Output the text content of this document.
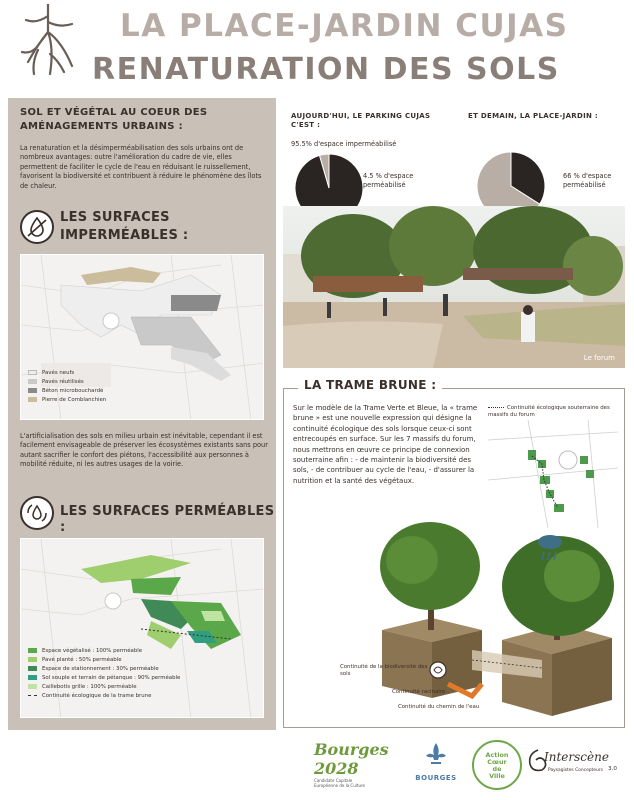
LA PLACE-JARDIN CUJAS
RENATURATION DES SOLS
SOL ET VÉGÉTAL AU COEUR DES AMÉNAGEMENTS URBAINS :
La renaturation et la désimperméabilisation des sols urbains ont de nombreux avantages: outre l'amélioration du cadre de vie, elles permettent de faciliter le cycle de l'eau en réduisant le ruissellement, favorisent la biodiversité et contribuent à réduire le phénomène des îlots de chaleur.
LES SURFACES
IMPERMÉABLES :
Pavés neufs
Pavés réutilisés
Béton microbouchardé
Pierre de Comblanchien
L'artificialisation des sols en milieu urbain est inévitable, cependant il est facilement envisageable de préserver les écosystèmes existants sans pour autant sacrifier le confort des piétons, l'accessibilité aux personnes à mobilité réduite, ni les autres usages de la voirie.
LES SURFACES PERMÉABLES :
Espace végétalisé : 100% perméable
Pavé planté : 50% perméable
Espace de stationnement : 30% perméable
Sol souple et terrain de pétanque : 90% perméable
Caillebotis grille : 100% perméable
Continuité écologique de la trame brune
AUJOURD'HUI, LE PARKING CUJAS C'EST :
95.5% d'espace imperméabilisé
4.5 % d'espace perméabilisé
ET DEMAIN, LA PLACE-JARDIN :
66 % d'espace perméabilisé
Le forum
LA TRAME BRUNE :
Sur le modèle de la Trame Verte et Bleue, la « trame brune » est une nouvelle expression qui désigne la continuité écologique des sols lorsque ceux-ci sont entrecoupés en surface. Sur les 7 massifs du forum, nous mettrons en œuvre ce principe de connexion souterraine afin : - de maintenir la biodiversité des sols, - de contribuer au cycle de l'eau, - d'assurer la nutrition et la santé des végétaux.
Continuité écologique souterraine des massifs du forum
Continuité de la biodiversité des sols
Continuité racinaire
Continuité du chemin de l'eau
Bourges 2028
Candidate Capitale Européenne de la Culture
BOURGES
Action
Cœur
de
Ville
Interscène
Paysagistes Concepteurs 3.0
